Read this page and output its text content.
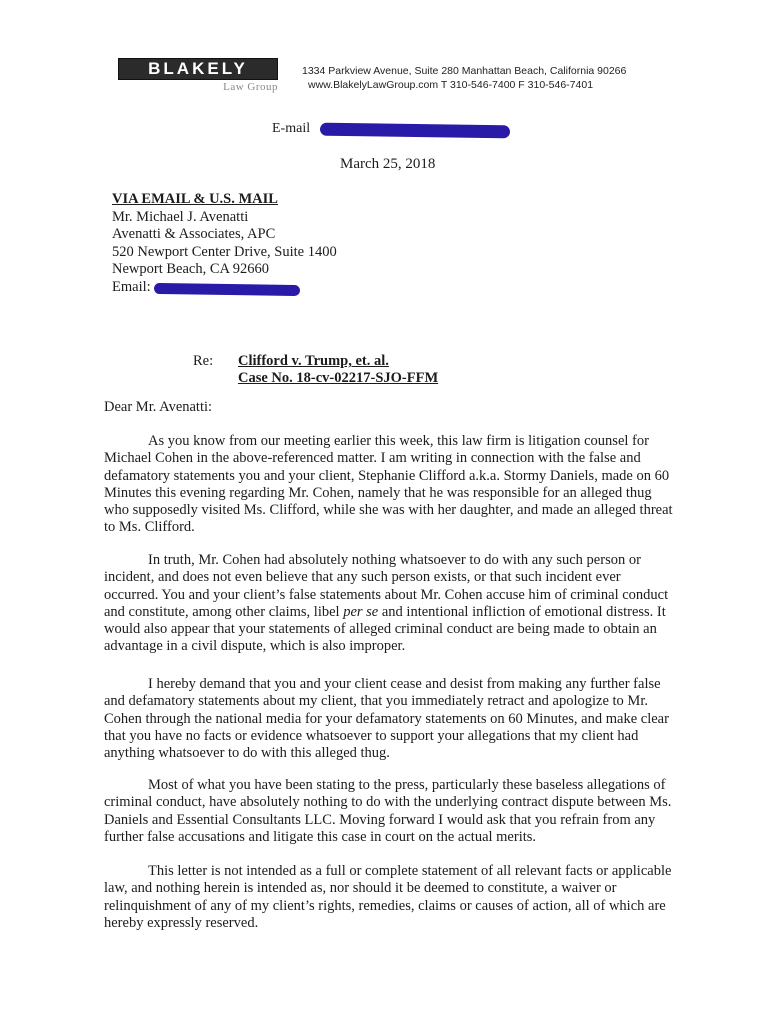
BLAKELY
Law Group
1334 Parkview Avenue, Suite 280 Manhattan Beach, California 90266
www.BlakelyLawGroup.com T 310-546-7400 F 310-546-7401
E-mail
March 25, 2018
VIA EMAIL & U.S. MAIL
Mr. Michael J. Avenatti
Avenatti & Associates, APC
520 Newport Center Drive, Suite 1400
Newport Beach, CA 92660
Email:
Re: Clifford v. Trump, et. al.
Case No. 18-cv-02217-SJO-FFM
Dear Mr. Avenatti:
As you know from our meeting earlier this week, this law firm is litigation counsel for Michael Cohen in the above-referenced matter. I am writing in connection with the false and defamatory statements you and your client, Stephanie Clifford a.k.a. Stormy Daniels, made on 60 Minutes this evening regarding Mr. Cohen, namely that he was responsible for an alleged thug who supposedly visited Ms. Clifford, while she was with her daughter, and made an alleged threat to Ms. Clifford.
In truth, Mr. Cohen had absolutely nothing whatsoever to do with any such person or incident, and does not even believe that any such person exists, or that such incident ever occurred. You and your client’s false statements about Mr. Cohen accuse him of criminal conduct and constitute, among other claims, libel per se and intentional infliction of emotional distress. It would also appear that your statements of alleged criminal conduct are being made to obtain an advantage in a civil dispute, which is also improper.
I hereby demand that you and your client cease and desist from making any further false and defamatory statements about my client, that you immediately retract and apologize to Mr. Cohen through the national media for your defamatory statements on 60 Minutes, and make clear that you have no facts or evidence whatsoever to support your allegations that my client had anything whatsoever to do with this alleged thug.
Most of what you have been stating to the press, particularly these baseless allegations of criminal conduct, have absolutely nothing to do with the underlying contract dispute between Ms. Daniels and Essential Consultants LLC. Moving forward I would ask that you refrain from any further false accusations and litigate this case in court on the actual merits.
This letter is not intended as a full or complete statement of all relevant facts or applicable law, and nothing herein is intended as, nor should it be deemed to constitute, a waiver or relinquishment of any of my client’s rights, remedies, claims or causes of action, all of which are hereby expressly reserved.
